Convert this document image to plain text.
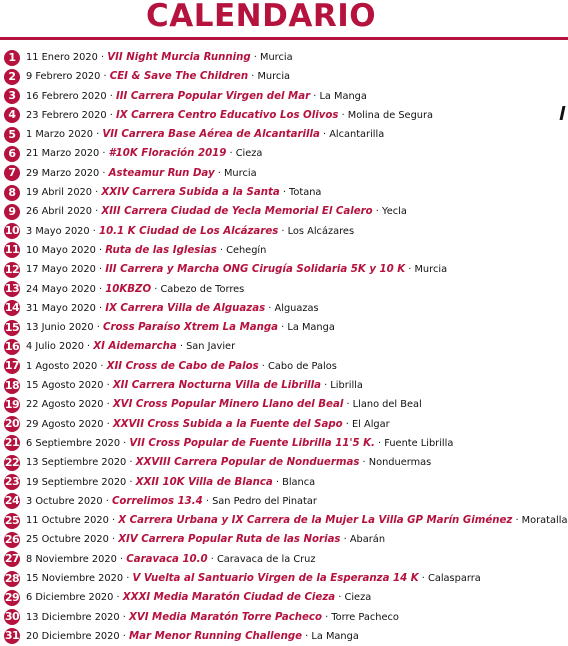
CALENDARIO
1	11 Enero 2020 · VII Night Murcia Running · Murcia
2	9 Febrero 2020 · CEI & Save The Children · Murcia
3	16 Febrero 2020 · III Carrera Popular Virgen del Mar · La Manga
4	23 Febrero 2020 · IX Carrera Centro Educativo Los Olivos · Molina de Segura
5	1 Marzo 2020 · VII Carrera Base Aérea de Alcantarilla · Alcantarilla
6	21 Marzo 2020 · #10K Floración 2019 · Cieza
7	29 Marzo 2020 · Asteamur Run Day · Murcia
8	19 Abril 2020 · XXIV Carrera Subida a la Santa · Totana
9	26 Abril 2020 · XIII Carrera Ciudad de Yecla Memorial El Calero · Yecla
10 3 Mayo 2020 · 10.1 K Ciudad de Los Alcázares · Los Alcázares
11 10 Mayo 2020 · Ruta de las Iglesias · Cehegín
12 17 Mayo 2020 · III Carrera y Marcha ONG Cirugía Solidaria 5K y 10 K · Murcia
13 24 Mayo 2020 · 10KBZO · Cabezo de Torres
14 31 Mayo 2020 · IX Carrera Villa de Alguazas · Alguazas
15 13 Junio 2020 · Cross Paraíso Xtrem La Manga · La Manga
16 4 Julio 2020 · XI Aidemarcha · San Javier
17 1 Agosto 2020 · XII Cross de Cabo de Palos · Cabo de Palos
18 15 Agosto 2020 · XII Carrera Nocturna Villa de Librilla · Librilla
19 22 Agosto 2020 · XVI Cross Popular Minero Llano del Beal · Llano del Beal
20 29 Agosto 2020 · XXVII Cross Subida a la Fuente del Sapo · El Algar
21 6 Septiembre 2020 · VII Cross Popular de Fuente Librilla 11'5 K. · Fuente Librilla
22 13 Septiembre 2020 · XXVIII Carrera Popular de Nonduermas · Nonduermas
23 19 Septiembre 2020 · XXII 10K Villa de Blanca · Blanca
24 3 Octubre 2020 · Correlimos 13.4 · San Pedro del Pinatar
25 11 Octubre 2020 · X Carrera Urbana y IX Carrera de la Mujer La Villa GP Marín Giménez · Moratalla
26 25 Octubre 2020 · XIV Carrera Popular Ruta de las Norias · Abarán
27 8 Noviembre 2020 · Caravaca 10.0 · Caravaca de la Cruz
28 15 Noviembre 2020 · V Vuelta al Santuario Virgen de la Esperanza 14 K · Calasparra
29 6 Diciembre 2020 · XXXI Media Maratón Ciudad de Cieza · Cieza
30 13 Diciembre 2020 · XVI Media Maratón Torre Pacheco · Torre Pacheco
31 20 Diciembre 2020 · Mar Menor Running Challenge · La Manga
